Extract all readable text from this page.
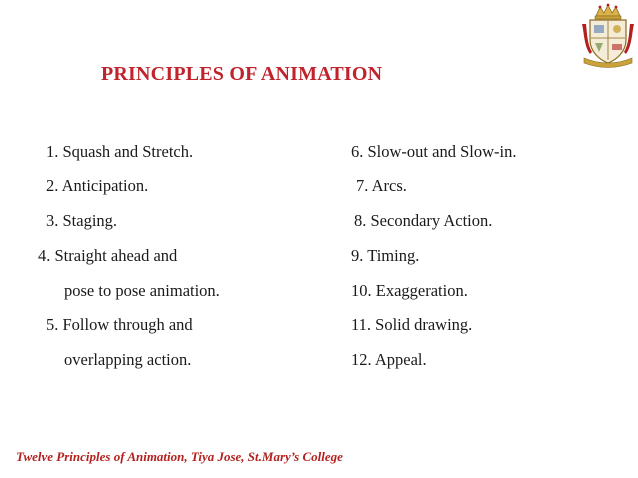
PRINCIPLES OF ANIMATION
1. Squash and Stretch.
2. Anticipation.
3. Staging.
4. Straight ahead and
pose to pose animation.
5. Follow through and
overlapping action.
6. Slow-out and Slow-in.
7. Arcs.
8. Secondary Action.
9. Timing.
10. Exaggeration.
11. Solid drawing.
12. Appeal.
Twelve Principles of Animation, Tiya Jose, St.Mary’s College
